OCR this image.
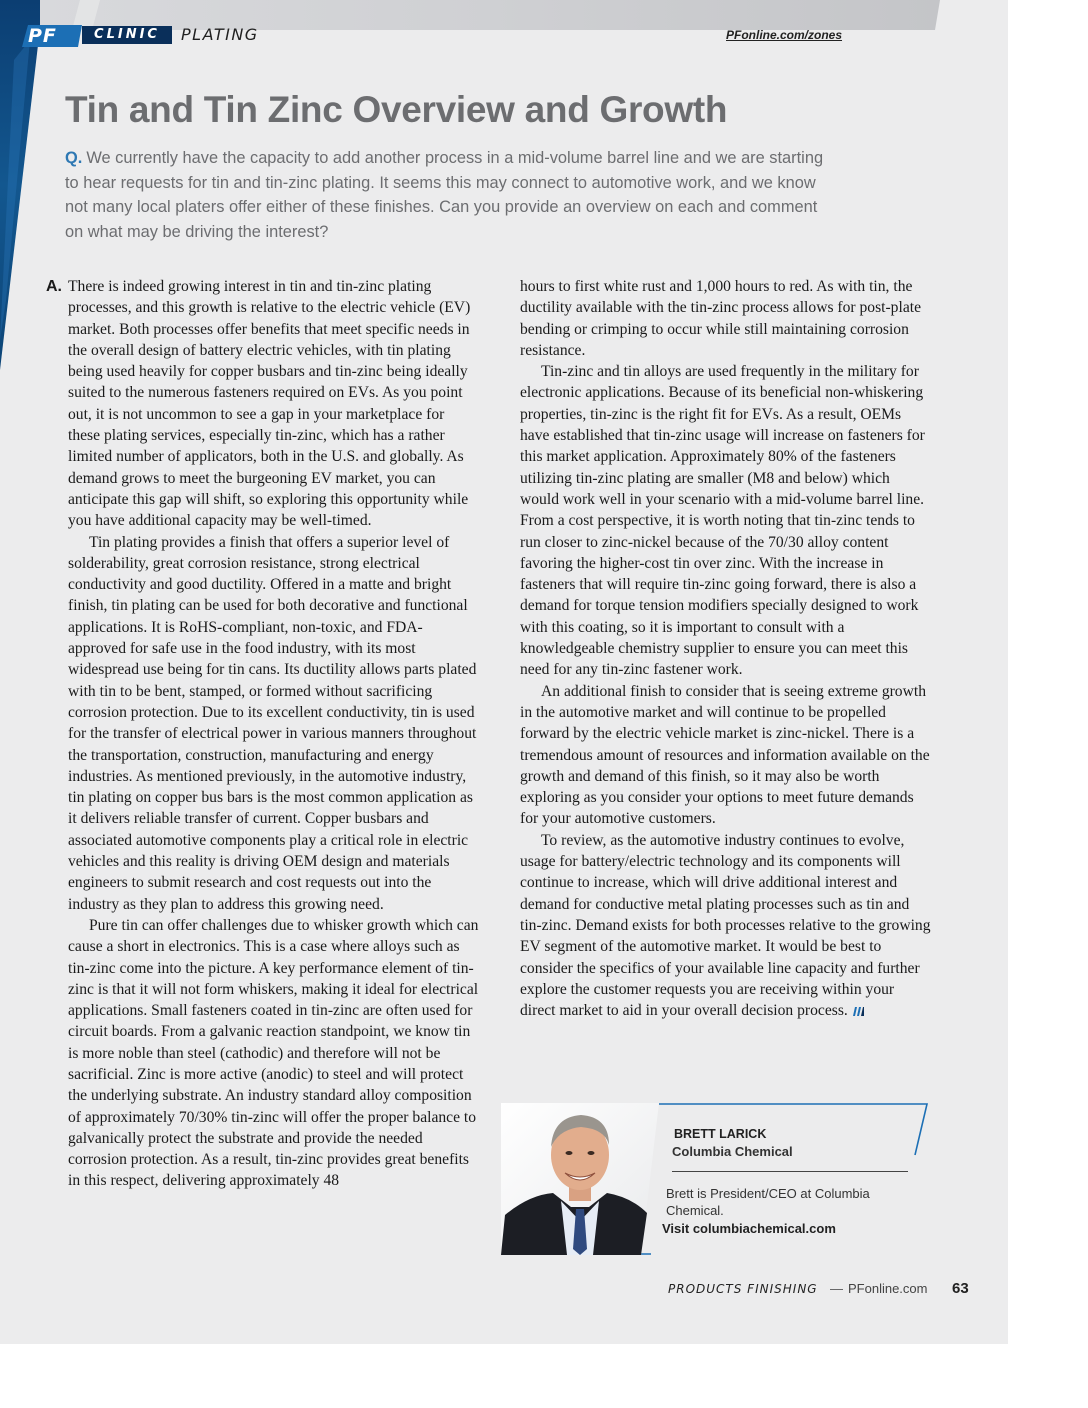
PF	CLINIC	PLATING	PFonline.com/zones
Tin and Tin Zinc Overview and Growth
Q. We currently have the capacity to add another process in a mid-volume barrel line and we are starting to hear requests for tin and tin-zinc plating. It seems this may connect to automotive work, and we know not many local platers offer either of these finishes. Can you provide an overview on each and comment on what may be driving the interest?
A. There is indeed growing interest in tin and tin-zinc plating processes, and this growth is relative to the electric vehicle (EV) market. Both processes offer benefits that meet specific needs in the overall design of battery electric vehicles, with tin plating being used heavily for copper busbars and tin-zinc being ideally suited to the numerous fasteners required on EVs. As you point out, it is not uncommon to see a gap in your marketplace for these plating services, especially tin-zinc, which has a rather limited number of applicators, both in the U.S. and globally. As demand grows to meet the burgeoning EV market, you can anticipate this gap will shift, so exploring this opportunity while you have additional capacity may be well-timed.

Tin plating provides a finish that offers a superior level of solderability, great corrosion resistance, strong electrical conductivity and good ductility. Offered in a matte and bright finish, tin plating can be used for both decorative and functional applications. It is RoHS-compliant, non-toxic, and FDA-approved for safe use in the food industry, with its most widespread use being for tin cans. Its ductility allows parts plated with tin to be bent, stamped, or formed without sacrificing corrosion protection. Due to its excellent conductivity, tin is used for the transfer of electrical power in various manners throughout the transportation, construction, manufacturing and energy industries. As mentioned previously, in the automotive industry, tin plating on copper bus bars is the most common application as it delivers reliable transfer of current. Copper busbars and associated automotive components play a critical role in electric vehicles and this reality is driving OEM design and materials engineers to submit research and cost requests out into the industry as they plan to address this growing need.

Pure tin can offer challenges due to whisker growth which can cause a short in electronics. This is a case where alloys such as tin-zinc come into the picture. A key performance element of tin-zinc is that it will not form whiskers, making it ideal for electrical applications. Small fasteners coated in tin-zinc are often used for circuit boards. From a galvanic reaction standpoint, we know tin is more noble than steel (cathodic) and therefore will not be sacrificial. Zinc is more active (anodic) to steel and will protect the underlying substrate. An industry standard alloy composition of approximately 70/30% tin-zinc will offer the proper balance to galvanically protect the substrate and provide the needed corrosion protection. As a result, tin-zinc provides great benefits in this respect, delivering approximately 48

hours to first white rust and 1,000 hours to red. As with tin, the ductility available with the tin-zinc process allows for post-plate bending or crimping to occur while still maintaining corrosion resistance.

Tin-zinc and tin alloys are used frequently in the military for electronic applications. Because of its beneficial non-whiskering properties, tin-zinc is the right fit for EVs. As a result, OEMs have established that tin-zinc usage will increase on fasteners for this market application. Approximately 80% of the fasteners utilizing tin-zinc plating are smaller (M8 and below) which would work well in your scenario with a mid-volume barrel line. From a cost perspective, it is worth noting that tin-zinc tends to run closer to zinc-nickel because of the 70/30 alloy content favoring the higher-cost tin over zinc. With the increase in fasteners that will require tin-zinc going forward, there is also a demand for torque tension modifiers specially designed to work with this coating, so it is important to consult with a knowledgeable chemistry supplier to ensure you can meet this need for any tin-zinc fastener work.

An additional finish to consider that is seeing extreme growth in the automotive market and will continue to be propelled forward by the electric vehicle market is zinc-nickel. There is a tremendous amount of resources and information available on the growth and demand of this finish, so it may also be worth exploring as you consider your options to meet future demands for your automotive customers.

To review, as the automotive industry continues to evolve, usage for battery/electric technology and its components will continue to increase, which will drive additional interest and demand for conductive metal plating processes such as tin and tin-zinc. Demand exists for both processes relative to the growing EV segment of the automotive market. It would be best to consider the specifics of your available line capacity and further explore the customer requests you are receiving within your direct market to aid in your overall decision process.

BRETT LARICK
Columbia Chemical
Brett is President/CEO at Columbia Chemical.
Visit columbiachemical.com
PRODUCTS FINISHING — PFonline.com 63
